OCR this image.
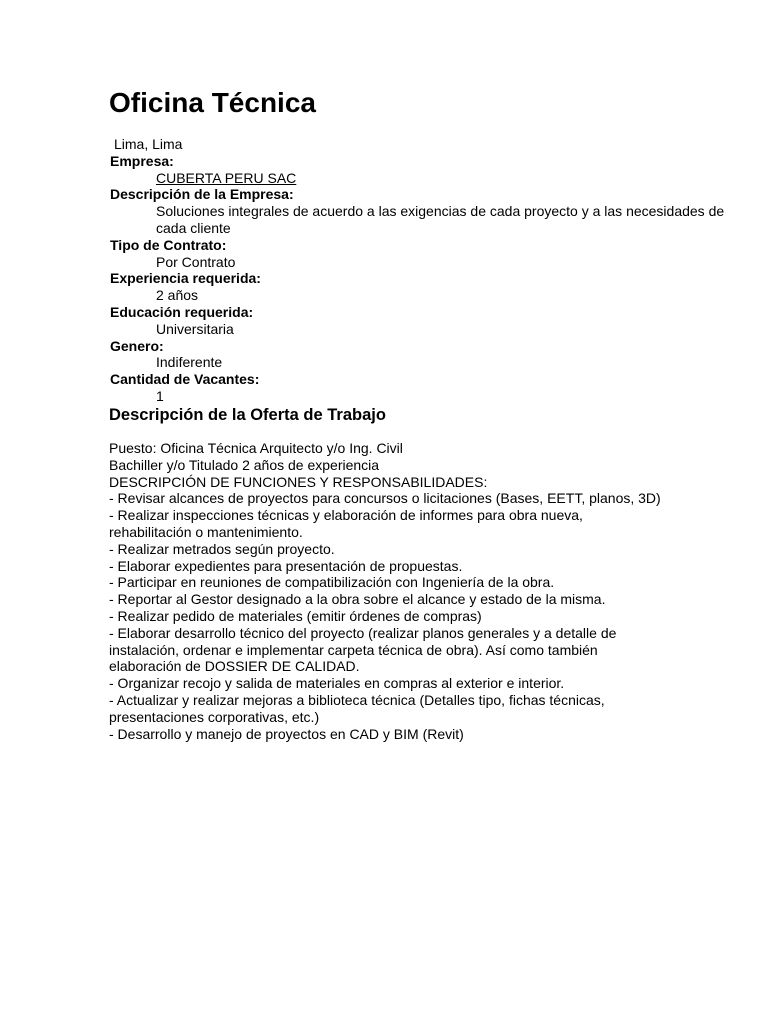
Oficina Técnica

Lima, Lima

Empresa:
CUBERTA PERU SAC
Descripción de la Empresa:
Soluciones integrales de acuerdo a las exigencias de cada proyecto y a las necesidades de cada cliente
Tipo de Contrato:
Por Contrato
Experiencia requerida:
2 años
Educación requerida:
Universitaria
Genero:
Indiferente
Cantidad de Vacantes:
1
Descripción de la Oferta de Trabajo

Puesto: Oficina Técnica Arquitecto y/o Ing. Civil

Bachiller y/o Titulado 2 años de experiencia

DESCRIPCIÓN DE FUNCIONES Y RESPONSABILIDADES:

- Revisar alcances de proyectos para concursos o licitaciones (Bases, EETT, planos, 3D)

- Realizar inspecciones técnicas y elaboración de informes para obra nueva, rehabilitación o mantenimiento.

- Realizar metrados según proyecto.

- Elaborar expedientes para presentación de propuestas.

- Participar en reuniones de compatibilización con Ingeniería de la obra.

- Reportar al Gestor designado a la obra sobre el alcance y estado de la misma.

- Realizar pedido de materiales (emitir órdenes de compras)

- Elaborar desarrollo técnico del proyecto (realizar planos generales y a detalle de instalación, ordenar e implementar carpeta técnica de obra). Así como también elaboración de DOSSIER DE CALIDAD.

- Organizar recojo y salida de materiales en compras al exterior e interior.

- Actualizar y realizar mejoras a biblioteca técnica (Detalles tipo, fichas técnicas, presentaciones corporativas, etc.)

- Desarrollo y manejo de proyectos en CAD y BIM (Revit)
